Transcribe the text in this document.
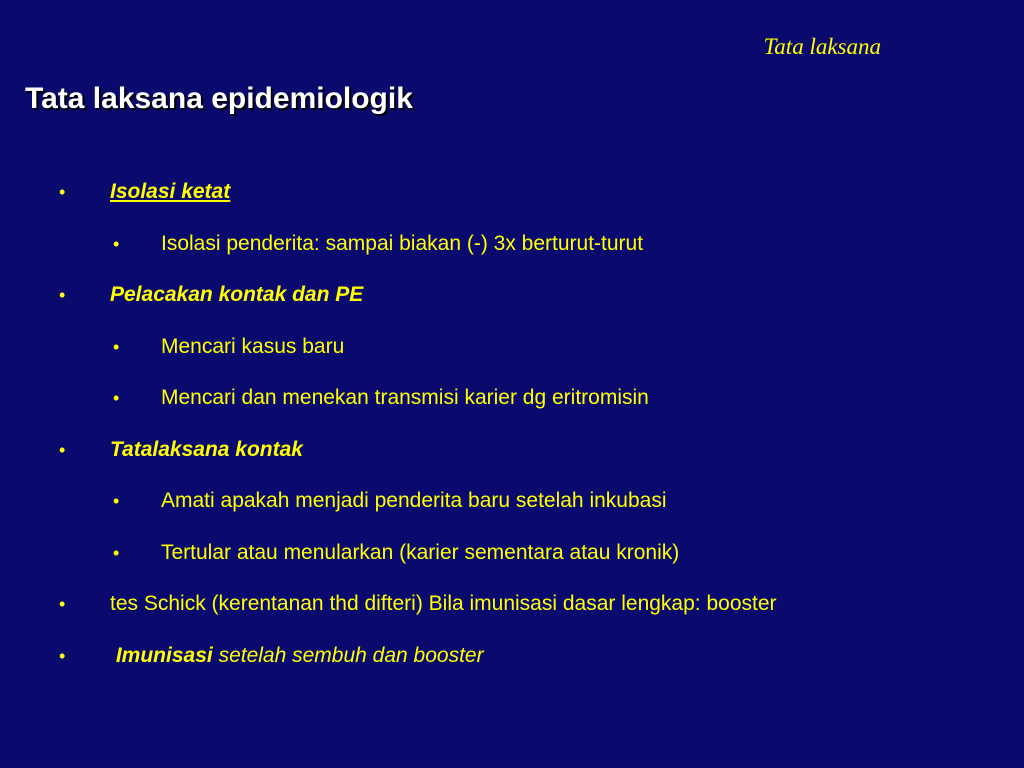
Tata laksana
Tata laksana epidemiologik
• Isolasi ketat
• Isolasi penderita: sampai biakan (-) 3x berturut-turut
• Pelacakan kontak dan PE
• Mencari kasus baru
• Mencari dan menekan transmisi karier dg eritromisin
• Tatalaksana kontak
• Amati apakah menjadi penderita baru setelah inkubasi
• Tertular atau menularkan (karier sementara atau kronik)
• tes Schick (kerentanan thd difteri) Bila imunisasi dasar lengkap: booster
• Imunisasi setelah sembuh dan booster
